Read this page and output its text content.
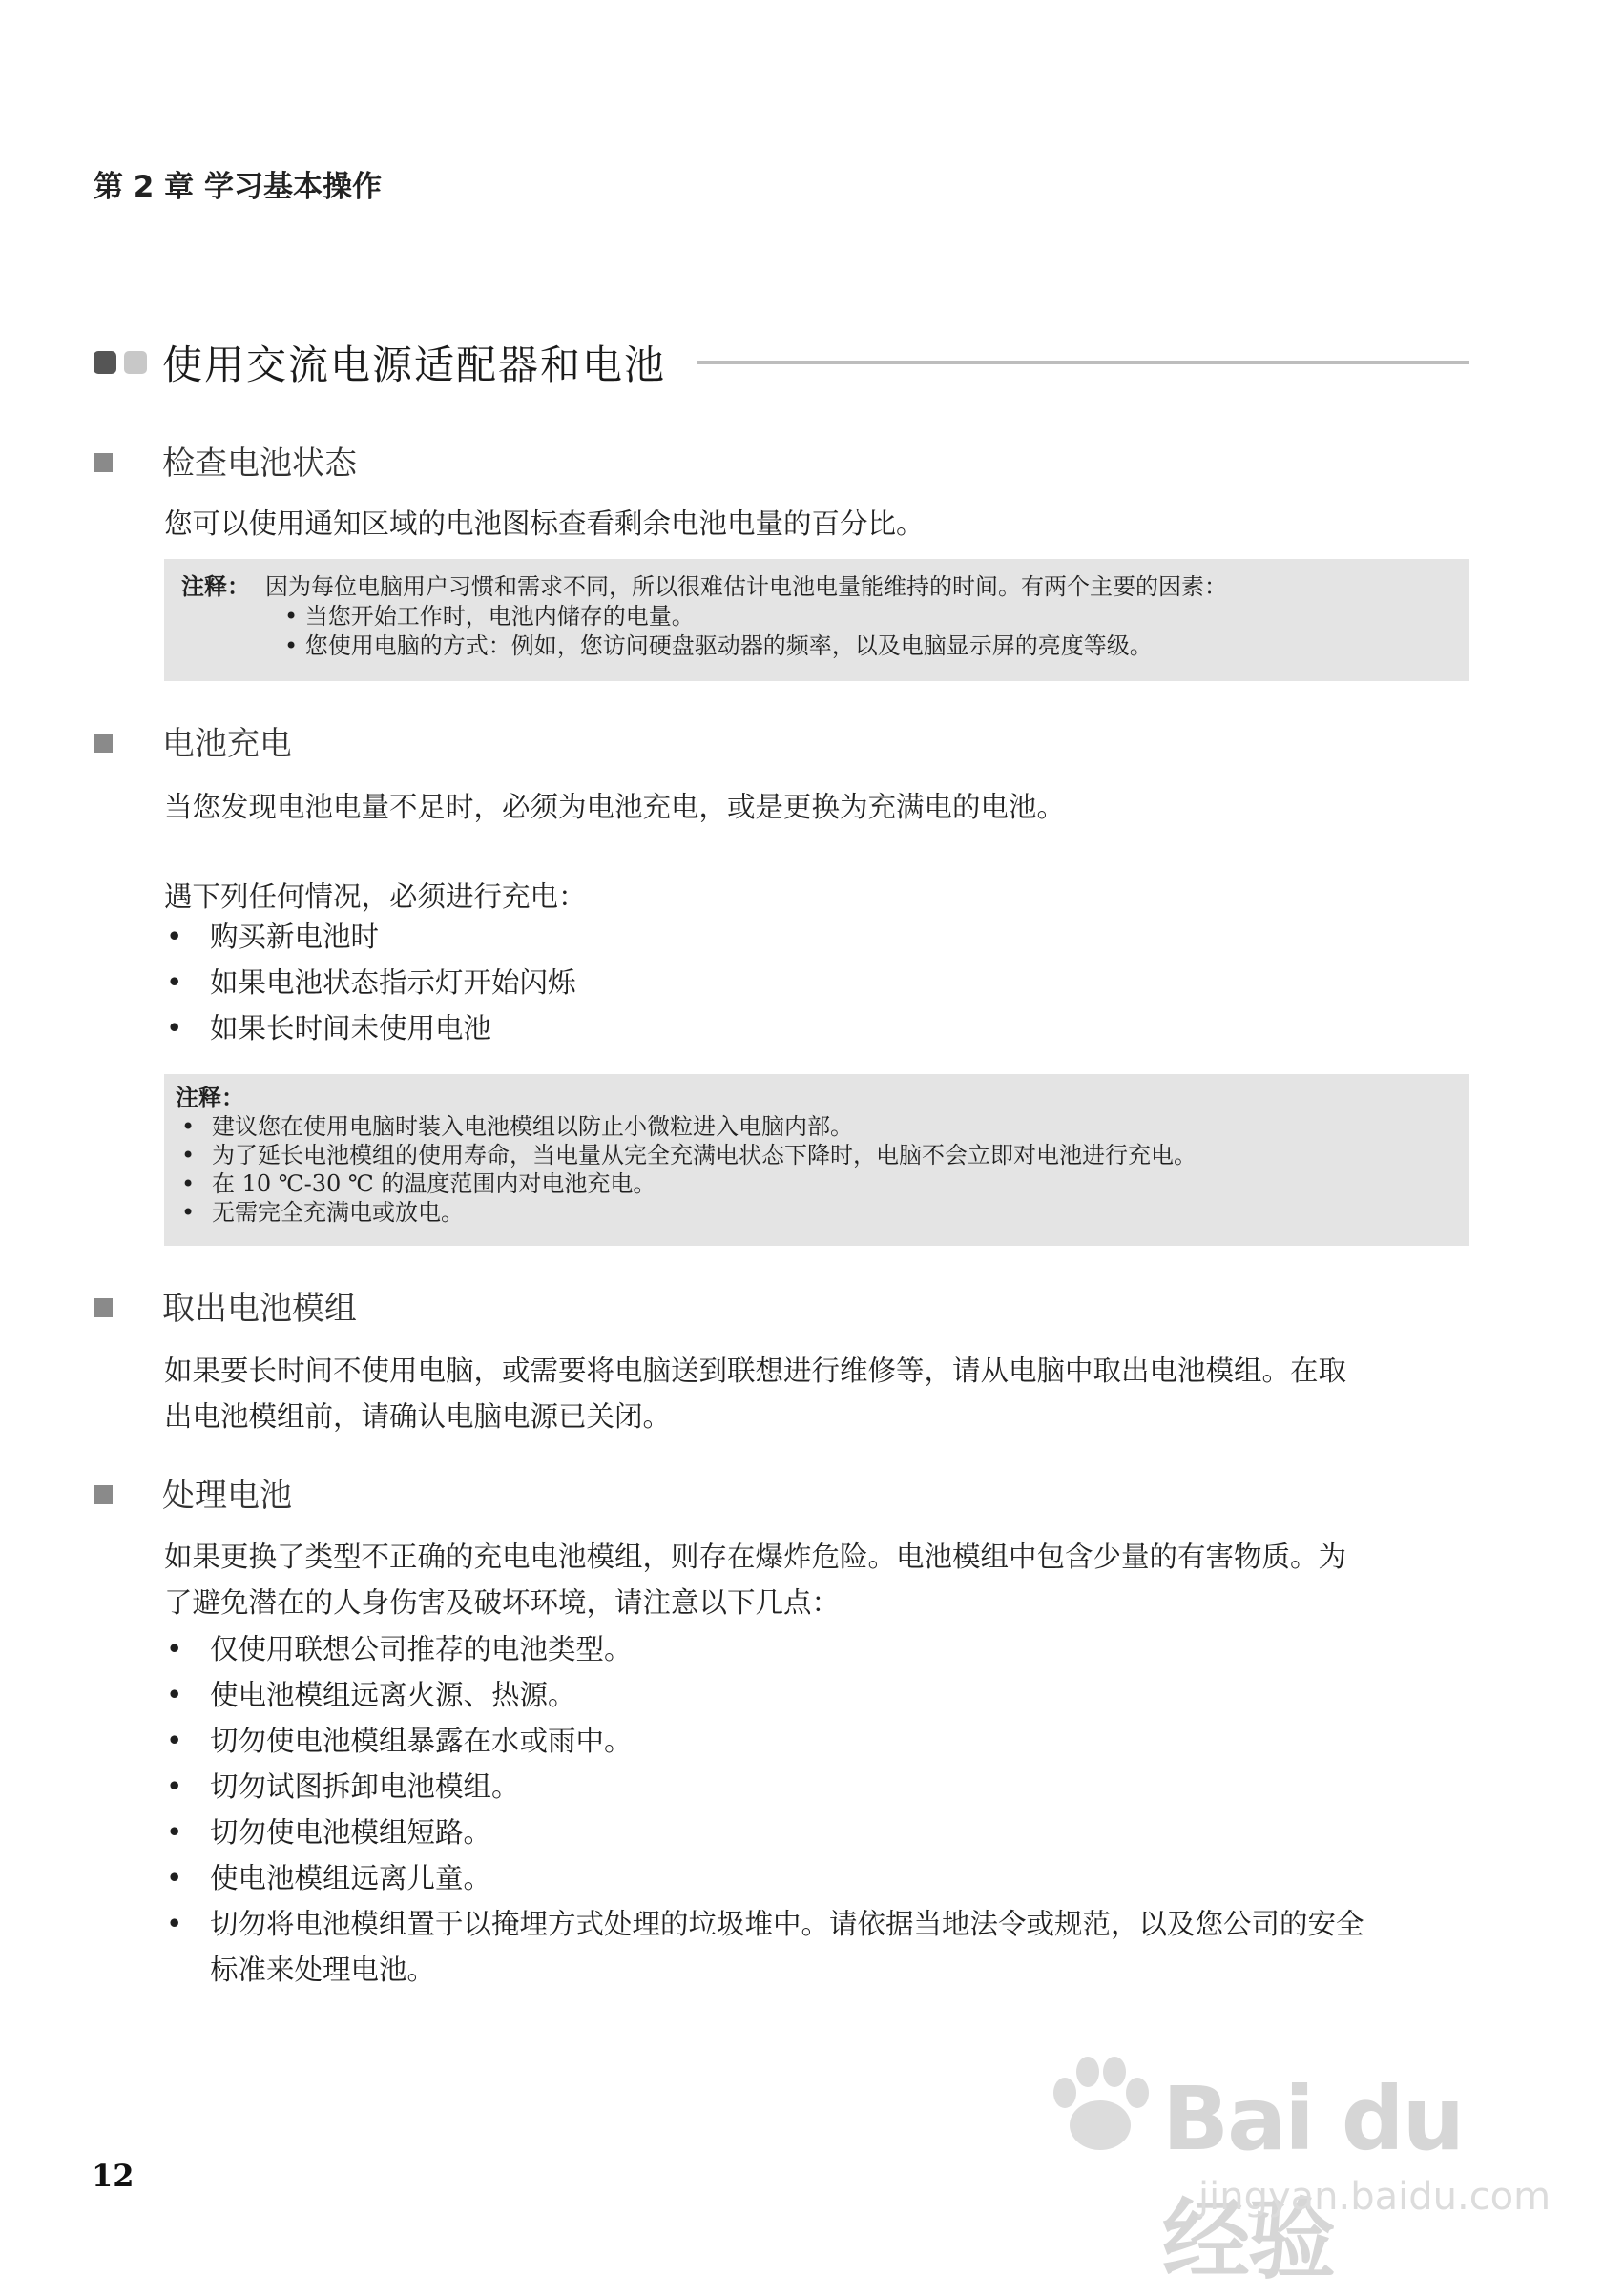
第 2 章 学习基本操作
使用交流电源适配器和电池
检查电池状态
您可以使用通知区域的电池图标查看剩余电池电量的百分比。
注释： 因为每位电脑用户习惯和需求不同，所以很难估计电池电量能维持的时间。有两个主要的因素：
• 当您开始工作时，电池内储存的电量。
• 您使用电脑的方式：例如，您访问硬盘驱动器的频率，以及电脑显示屏的亮度等级。
电池充电
当您发现电池电量不足时，必须为电池充电，或是更换为充满电的电池。
遇下列任何情况，必须进行充电：
• 购买新电池时
• 如果电池状态指示灯开始闪烁
• 如果长时间未使用电池
注释：
• 建议您在使用电脑时装入电池模组以防止小微粒进入电脑内部。
• 为了延长电池模组的使用寿命，当电量从完全充满电状态下降时，电脑不会立即对电池进行充电。
• 在 10 ℃-30 ℃ 的温度范围内对电池充电。
• 无需完全充满电或放电。
取出电池模组
如果要长时间不使用电脑，或需要将电脑送到联想进行维修等，请从电脑中取出电池模组。在取
出电池模组前，请确认电脑电源已关闭。
处理电池
如果更换了类型不正确的充电电池模组，则存在爆炸危险。电池模组中包含少量的有害物质。为
了避免潜在的人身伤害及破坏环境，请注意以下几点：
• 仅使用联想公司推荐的电池类型。
• 使电池模组远离火源、热源。
• 切勿使电池模组暴露在水或雨中。
• 切勿试图拆卸电池模组。
• 切勿使电池模组短路。
• 使电池模组远离儿童。
• 切勿将电池模组置于以掩埋方式处理的垃圾堆中。请依据当地法令或规范，以及您公司的安全
标准来处理电池。
12
Bai du 经验
jingyan.baidu.com
